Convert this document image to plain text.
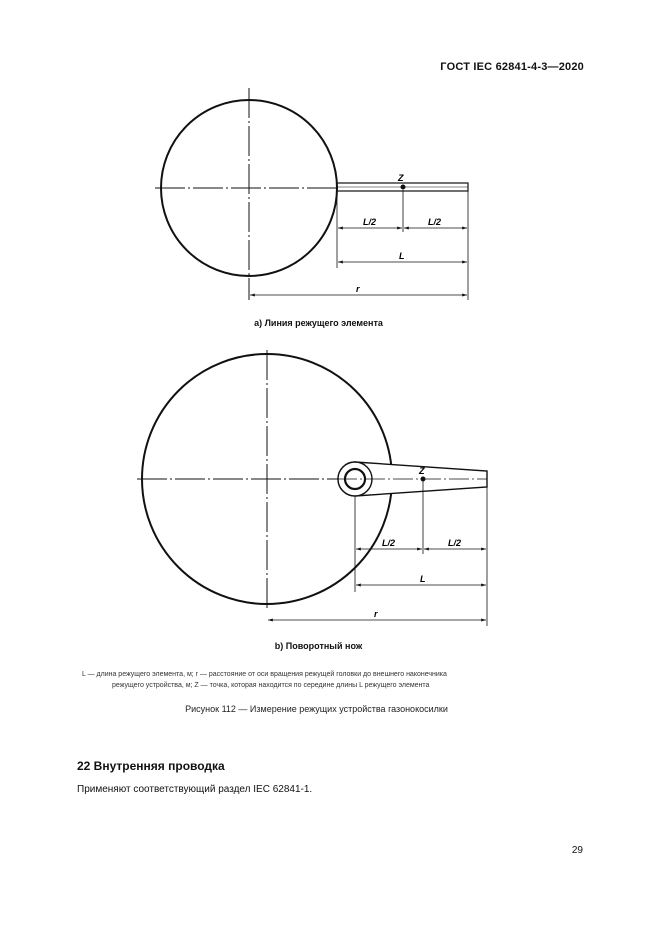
ГОСТ IEC 62841-4-3—2020
Z
L/2	L/2
L
r
Z
L/2	L/2
L
r
a) Линия режущего элемента
b) Поворотный нож
L — длина режущего элемента, м; r — расстояние от оси вращения режущей головки до внешнего наконечника
режущего устройства, м; Z — точка, которая находится по середине длины L режущего элемента
Рисунок 112 — Измерение режущих устройства газонокосилки
22 Внутренняя проводка
Применяют соответствующий раздел IEC 62841-1.
29
